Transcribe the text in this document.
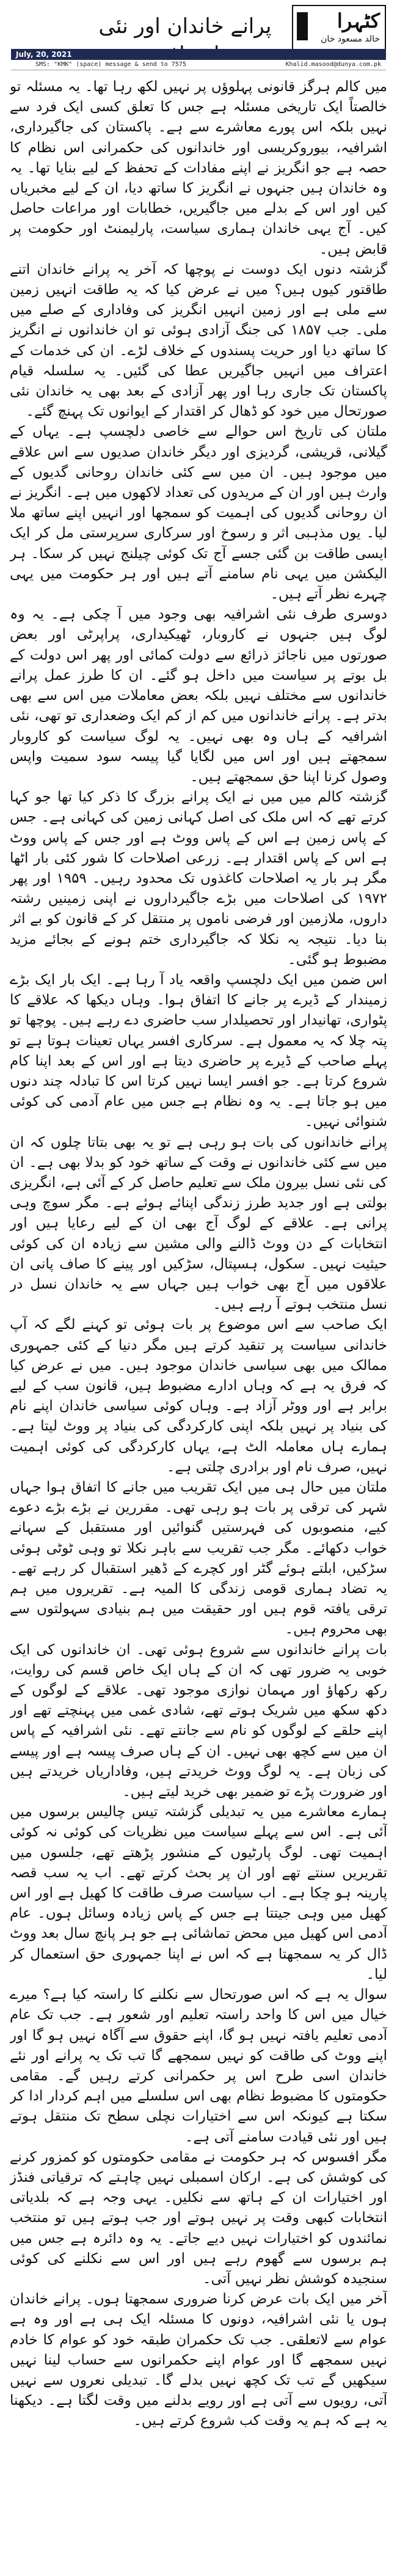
پرانے خاندان اور نئی	کٹہرا
خالد مسعود خان
July, 20, 2021
SMS: "KMK" (space) message & send to 7575	Khalid.masood@dunya.com.pk

میں کالم ہرگز قانونی پہلوؤں پر نہیں لکھ رہا تھا۔ یہ مسئلہ تو خالصتاً ایک تاریخی مسئلہ ہے جس کا تعلق کسی ایک فرد سے نہیں بلکہ اس پورے معاشرے سے ہے۔ پاکستان کی جاگیرداری، اشرافیہ، بیوروکریسی اور خاندانوں کی حکمرانی اس نظام کا حصہ ہے جو انگریز نے اپنے مفادات کے تحفظ کے لیے بنایا تھا۔ یہ وہ خاندان ہیں جنہوں نے انگریز کا ساتھ دیا، ان کے لیے مخبریاں کیں اور اس کے بدلے میں جاگیریں، خطابات اور مراعات حاصل کیں۔ آج یہی خاندان ہماری سیاست، پارلیمنٹ اور حکومت پر قابض ہیں۔

گزشتہ دنوں ایک دوست نے پوچھا کہ آخر یہ پرانے خاندان اتنے طاقتور کیوں ہیں؟ میں نے عرض کیا کہ یہ طاقت انہیں زمین سے ملی ہے اور زمین انہیں انگریز کی وفاداری کے صلے میں ملی۔ جب ۱۸۵۷ کی جنگ آزادی ہوئی تو ان خاندانوں نے انگریز کا ساتھ دیا اور حریت پسندوں کے خلاف لڑے۔ ان کی خدمات کے اعتراف میں انہیں جاگیریں عطا کی گئیں۔ یہ سلسلہ قیام پاکستان تک جاری رہا اور پھر آزادی کے بعد بھی یہ خاندان نئی صورتحال میں خود کو ڈھال کر اقتدار کے ایوانوں تک پہنچ گئے۔

ملتان کی تاریخ اس حوالے سے خاصی دلچسپ ہے۔ یہاں کے گیلانی، قریشی، گردیزی اور دیگر خاندان صدیوں سے اس علاقے میں موجود ہیں۔ ان میں سے کئی خاندان روحانی گدیوں کے وارث ہیں اور ان کے مریدوں کی تعداد لاکھوں میں ہے۔ انگریز نے ان روحانی گدیوں کی اہمیت کو سمجھا اور انہیں اپنے ساتھ ملا لیا۔ یوں مذہبی اثر و رسوخ اور سرکاری سرپرستی مل کر ایک ایسی طاقت بن گئی جسے آج تک کوئی چیلنج نہیں کر سکا۔ ہر الیکشن میں یہی نام سامنے آتے ہیں اور ہر حکومت میں یہی چہرے نظر آتے ہیں۔

دوسری طرف نئی اشرافیہ بھی وجود میں آ چکی ہے۔ یہ وہ لوگ ہیں جنہوں نے کاروبار، ٹھیکیداری، پراپرٹی اور بعض صورتوں میں ناجائز ذرائع سے دولت کمائی اور پھر اس دولت کے بل بوتے پر سیاست میں داخل ہو گئے۔ ان کا طرز عمل پرانے خاندانوں سے مختلف نہیں بلکہ بعض معاملات میں اس سے بھی بدتر ہے۔ پرانے خاندانوں میں کم از کم ایک وضعداری تو تھی، نئی اشرافیہ کے ہاں وہ بھی نہیں۔ یہ لوگ سیاست کو کاروبار سمجھتے ہیں اور اس میں لگایا گیا پیسہ سود سمیت واپس وصول کرنا اپنا حق سمجھتے ہیں۔

گزشتہ کالم میں میں نے ایک پرانے بزرگ کا ذکر کیا تھا جو کہا کرتے تھے کہ اس ملک کی اصل کہانی زمین کی کہانی ہے۔ جس کے پاس زمین ہے اس کے پاس ووٹ ہے اور جس کے پاس ووٹ ہے اس کے پاس اقتدار ہے۔ زرعی اصلاحات کا شور کئی بار اٹھا مگر ہر بار یہ اصلاحات کاغذوں تک محدود رہیں۔ ۱۹۵۹ اور پھر ۱۹۷۲ کی اصلاحات میں بڑے جاگیرداروں نے اپنی زمینیں رشتہ داروں، ملازمین اور فرضی ناموں پر منتقل کر کے قانون کو بے اثر بنا دیا۔ نتیجہ یہ نکلا کہ جاگیرداری ختم ہونے کے بجائے مزید مضبوط ہو گئی۔

اس ضمن میں ایک دلچسپ واقعہ یاد آ رہا ہے۔ ایک بار ایک بڑے زمیندار کے ڈیرے پر جانے کا اتفاق ہوا۔ وہاں دیکھا کہ علاقے کا پٹواری، تھانیدار اور تحصیلدار سب حاضری دے رہے ہیں۔ پوچھا تو پتہ چلا کہ یہ معمول ہے۔ سرکاری افسر یہاں تعینات ہوتا ہے تو پہلے صاحب کے ڈیرے پر حاضری دیتا ہے اور اس کے بعد اپنا کام شروع کرتا ہے۔ جو افسر ایسا نہیں کرتا اس کا تبادلہ چند دنوں میں ہو جاتا ہے۔ یہ وہ نظام ہے جس میں عام آدمی کی کوئی شنوائی نہیں۔

پرانے خاندانوں کی بات ہو رہی ہے تو یہ بھی بتاتا چلوں کہ ان میں سے کئی خاندانوں نے وقت کے ساتھ خود کو بدلا بھی ہے۔ ان کی نئی نسل بیرون ملک سے تعلیم حاصل کر کے آئی ہے، انگریزی بولتی ہے اور جدید طرز زندگی اپنائے ہوئے ہے۔ مگر سوچ وہی پرانی ہے۔ علاقے کے لوگ آج بھی ان کے لیے رعایا ہیں اور انتخابات کے دن ووٹ ڈالنے والی مشین سے زیادہ ان کی کوئی حیثیت نہیں۔ سکول، ہسپتال، سڑکیں اور پینے کا صاف پانی ان علاقوں میں آج بھی خواب ہیں جہاں سے یہ خاندان نسل در نسل منتخب ہوتے آ رہے ہیں۔

ایک صاحب سے اس موضوع پر بات ہوئی تو کہنے لگے کہ آپ خاندانی سیاست پر تنقید کرتے ہیں مگر دنیا کے کئی جمہوری ممالک میں بھی سیاسی خاندان موجود ہیں۔ میں نے عرض کیا کہ فرق یہ ہے کہ وہاں ادارے مضبوط ہیں، قانون سب کے لیے برابر ہے اور ووٹر آزاد ہے۔ وہاں کوئی سیاسی خاندان اپنے نام کی بنیاد پر نہیں بلکہ اپنی کارکردگی کی بنیاد پر ووٹ لیتا ہے۔ ہمارے ہاں معاملہ الٹ ہے، یہاں کارکردگی کی کوئی اہمیت نہیں، صرف نام اور برادری چلتی ہے۔

ملتان میں حال ہی میں ایک تقریب میں جانے کا اتفاق ہوا جہاں شہر کی ترقی پر بات ہو رہی تھی۔ مقررین نے بڑے بڑے دعوے کیے، منصوبوں کی فہرستیں گنوائیں اور مستقبل کے سہانے خواب دکھائے۔ مگر جب تقریب سے باہر نکلا تو وہی ٹوٹی ہوئی سڑکیں، ابلتے ہوئے گٹر اور کچرے کے ڈھیر استقبال کر رہے تھے۔ یہ تضاد ہماری قومی زندگی کا المیہ ہے۔ تقریروں میں ہم ترقی یافتہ قوم ہیں اور حقیقت میں ہم بنیادی سہولتوں سے بھی محروم ہیں۔

بات پرانے خاندانوں سے شروع ہوئی تھی۔ ان خاندانوں کی ایک خوبی یہ ضرور تھی کہ ان کے ہاں ایک خاص قسم کی روایت، رکھ رکھاؤ اور مہمان نوازی موجود تھی۔ علاقے کے لوگوں کے دکھ سکھ میں شریک ہوتے تھے، شادی غمی میں پہنچتے تھے اور اپنے حلقے کے لوگوں کو نام سے جانتے تھے۔ نئی اشرافیہ کے پاس ان میں سے کچھ بھی نہیں۔ ان کے ہاں صرف پیسہ ہے اور پیسے کی زبان ہے۔ یہ لوگ ووٹ خریدتے ہیں، وفاداریاں خریدتے ہیں اور ضرورت پڑے تو ضمیر بھی خرید لیتے ہیں۔

ہمارے معاشرے میں یہ تبدیلی گزشتہ تیس چالیس برسوں میں آئی ہے۔ اس سے پہلے سیاست میں نظریات کی کوئی نہ کوئی اہمیت تھی۔ لوگ پارٹیوں کے منشور پڑھتے تھے، جلسوں میں تقریریں سنتے تھے اور ان پر بحث کرتے تھے۔ اب یہ سب قصہ پارینہ ہو چکا ہے۔ اب سیاست صرف طاقت کا کھیل ہے اور اس کھیل میں وہی جیتتا ہے جس کے پاس زیادہ وسائل ہوں۔ عام آدمی اس کھیل میں محض تماشائی ہے جو ہر پانچ سال بعد ووٹ ڈال کر یہ سمجھتا ہے کہ اس نے اپنا جمہوری حق استعمال کر لیا۔

سوال یہ ہے کہ اس صورتحال سے نکلنے کا راستہ کیا ہے؟ میرے خیال میں اس کا واحد راستہ تعلیم اور شعور ہے۔ جب تک عام آدمی تعلیم یافتہ نہیں ہو گا، اپنے حقوق سے آگاہ نہیں ہو گا اور اپنے ووٹ کی طاقت کو نہیں سمجھے گا تب تک یہ پرانے اور نئے خاندان اسی طرح اس پر حکمرانی کرتے رہیں گے۔ مقامی حکومتوں کا مضبوط نظام بھی اس سلسلے میں اہم کردار ادا کر سکتا ہے کیونکہ اس سے اختیارات نچلی سطح تک منتقل ہوتے ہیں اور نئی قیادت سامنے آتی ہے۔

مگر افسوس کہ ہر حکومت نے مقامی حکومتوں کو کمزور کرنے کی کوشش کی ہے۔ ارکان اسمبلی نہیں چاہتے کہ ترقیاتی فنڈز اور اختیارات ان کے ہاتھ سے نکلیں۔ یہی وجہ ہے کہ بلدیاتی انتخابات کبھی وقت پر نہیں ہوتے اور جب ہوتے ہیں تو منتخب نمائندوں کو اختیارات نہیں دیے جاتے۔ یہ وہ دائرہ ہے جس میں ہم برسوں سے گھوم رہے ہیں اور اس سے نکلنے کی کوئی سنجیدہ کوشش نظر نہیں آتی۔

آخر میں ایک بات عرض کرنا ضروری سمجھتا ہوں۔ پرانے خاندان ہوں یا نئی اشرافیہ، دونوں کا مسئلہ ایک ہی ہے اور وہ ہے عوام سے لاتعلقی۔ جب تک حکمران طبقہ خود کو عوام کا خادم نہیں سمجھے گا اور عوام اپنے حکمرانوں سے حساب لینا نہیں سیکھیں گے تب تک کچھ نہیں بدلے گا۔ تبدیلی نعروں سے نہیں آتی، رویوں سے آتی ہے اور رویے بدلنے میں وقت لگتا ہے۔ دیکھنا یہ ہے کہ ہم یہ وقت کب شروع کرتے ہیں۔
